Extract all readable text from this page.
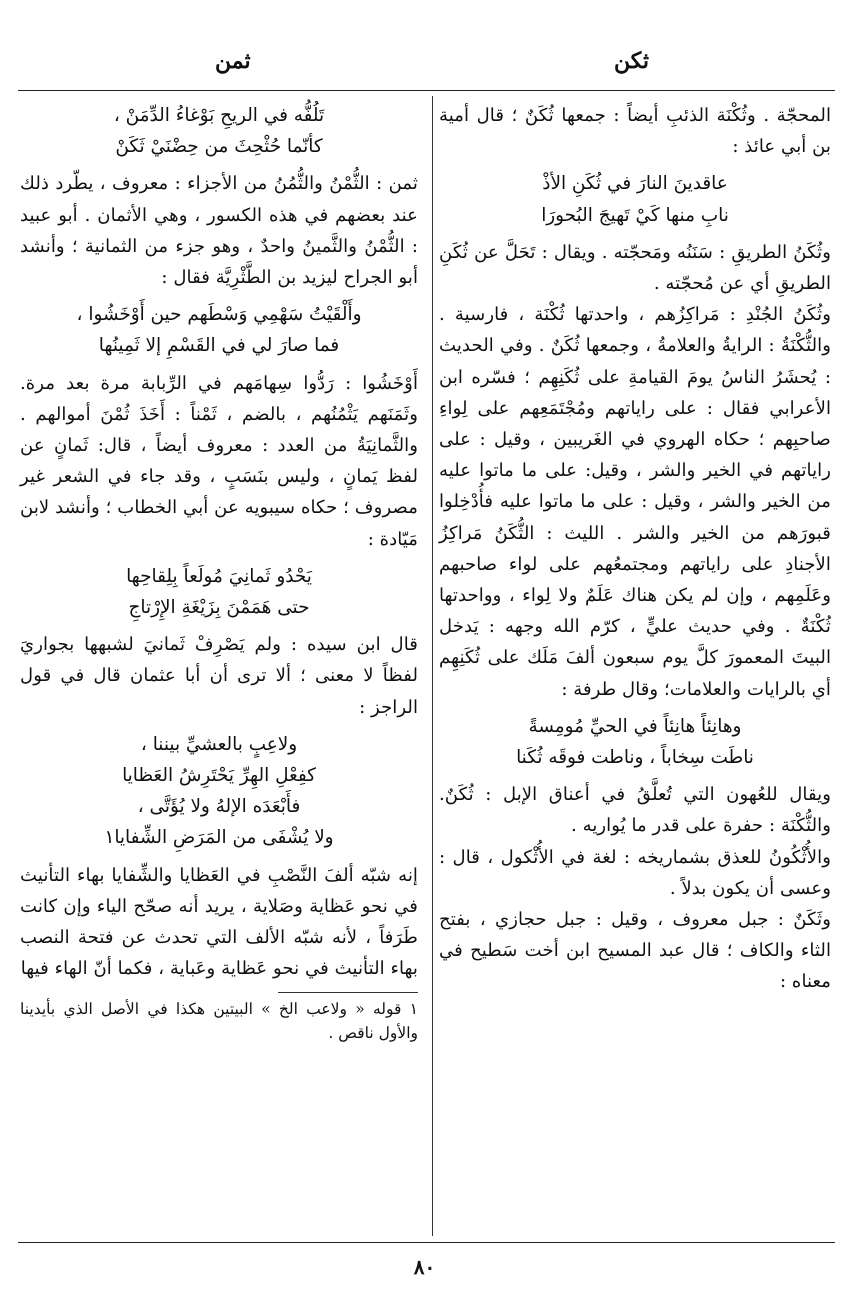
ثكن
ثمن

المحجّة . وثُكْنَة الذئبِ أيضاً : جمعها ثُكَنٌ ؛ قال أمية بن أبي عائذ :

عاقدينَ النارَ في ثُكَنِ الأذْ

نابِ منها كَيْ تَهيجَ البُحورَا

وثُكَنُ الطريقِ : سَنَنُه ومَحجّته . ويقال : تَحَلَّ عن ثُكَنِ الطريقِ أي عن مُحجّته .

وثُكَنُ الجُنْدِ : مَراكِزُهم ، واحدتها ثُكْنَة ، فارسية . والثُّكْنَةُ : الرايةُ والعلامةُ ، وجمعها ثُكَنٌ . وفي الحديث : يُحشَرُ الناسُ يومَ القيامةِ على ثُكَنِهِم ؛ فسّره ابن الأعرابي فقال : على راياتهم ومُجْتَمَعِهم على لِواءِ صاحبِهم ؛ حكاه الهروي في الغَريبين ، وقيل : على راياتهم في الخير والشر ، وقيل: على ما ماتوا عليه من الخير والشر ، وقيل : على ما ماتوا عليه فأُدْخِلوا قبورَهم من الخير والشر . الليث : الثُّكَنُ مَراكِزُ الأجنادِ على راياتهم ومجتمعُهم على لواء صاحبهم وعَلَمِهم ، وإن لم يكن هناك عَلَمٌ ولا لِواء ، وواحدتها ثُكْنَةٌ . وفي حديث عليٍّ ، كرّم الله وجهه : يَدخل البيتَ المعمورَ كلَّ يوم سبعون ألفَ مَلَك على ثُكَنِهِم أي بالرايات والعلامات؛ وقال طرفة :

وهانِئاً هانِئاً في الحيِّ مُومِسةً

ناطَت سِخاباً ، وناطت فوقَه ثُكَنا

ويقال للعُهون التي تُعلَّقُ في أعناق الإبل : ثُكَنٌ. والثُّكْنَة : حفرة على قدر ما يُواريه .

والأُثْكُونُ للعذق بشماريخه : لغة في الأُثْكول ، قال : وعسى أن يكون بدلاً .

وثَكَنٌ : جبل معروف ، وقيل : جبل حجازي ، بفتح الثاء والكاف ؛ قال عبد المسيح ابن أخت سَطيح في معناه :

تَلُفُّه في الريحِ بَوْغاءُ الدِّمَنْ ،

كأنّما حُثْحِثَ من حِضْنَيْ ثَكَنْ

ثمن : الثُّمْنُ والثُّمُنُ من الأجزاء : معروف ، يطّرد ذلك عند بعضهم في هذه الكسور ، وهي الأثمان . أبو عبيد : الثُّمْنُ والثَّمينُ واحدٌ ، وهو جزء من الثمانية ؛ وأنشد أبو الجراح ليزيد بن الطَّثْرِيَّة فقال :

وأَلْقَيْتُ سَهْمِي وَسْطَهم حين أَوْخَشُوا ،

فما صارَ لي في القَسْمِ إلا ثَمِينُها

أَوْخَشُوا : رَدُّوا سِهامَهم في الرِّبابة مرة بعد مرة. وثَمَنَهم يَثْمُنُهم ، بالضم ، ثَمْناً : أَخَذَ ثُمْنَ أموالهم . والثَّمانِيَةُ من العدد : معروف أيضاً ، قال: ثَمانٍ عن لفظ يَمانٍ ، وليس بنَسَبٍ ، وقد جاء في الشعر غير مصروف ؛ حكاه سيبويه عن أبي الخطاب ؛ وأنشد لابن مَيّادة :

يَحْدُو ثَمانِيَ مُولَعاً بِلِقاحِها

حتى هَمَمْنَ بِزَيْغَةِ الإِرْتاجِ

قال ابن سيده : ولم يَصْرِفْ ثَمانيَ لشبهها بجواريَ لفظاً لا معنى ؛ ألا ترى أن أبا عثمان قال في قول الراجز :

ولاعِبٍ بالعشيِّ بيننا ،

كفِعْلِ الهِرِّ يَحْتَرِشُ العَظايا

فأَبْعَدَه الإلهُ ولا يُؤَتَّى ،

ولا يُشْفَى من المَرَضِ الشِّفايا١

إنه شبّه ألفَ النَّصْبِ في العَظايا والشِّفايا بهاء التأنيث في نحو عَظاية وصَلاية ، يريد أنه صحّح الياء وإن كانت طَرَفاً ، لأنه شبّه الألف التي تحدث عن فتحة النصب بهاء التأنيث في نحو عَظاية وعَباية ، فكما أنّ الهاء فيها

١ قوله « ولاعب الخ » البيتين هكذا في الأصل الذي بأيدينا والأول ناقص .

٨٠
